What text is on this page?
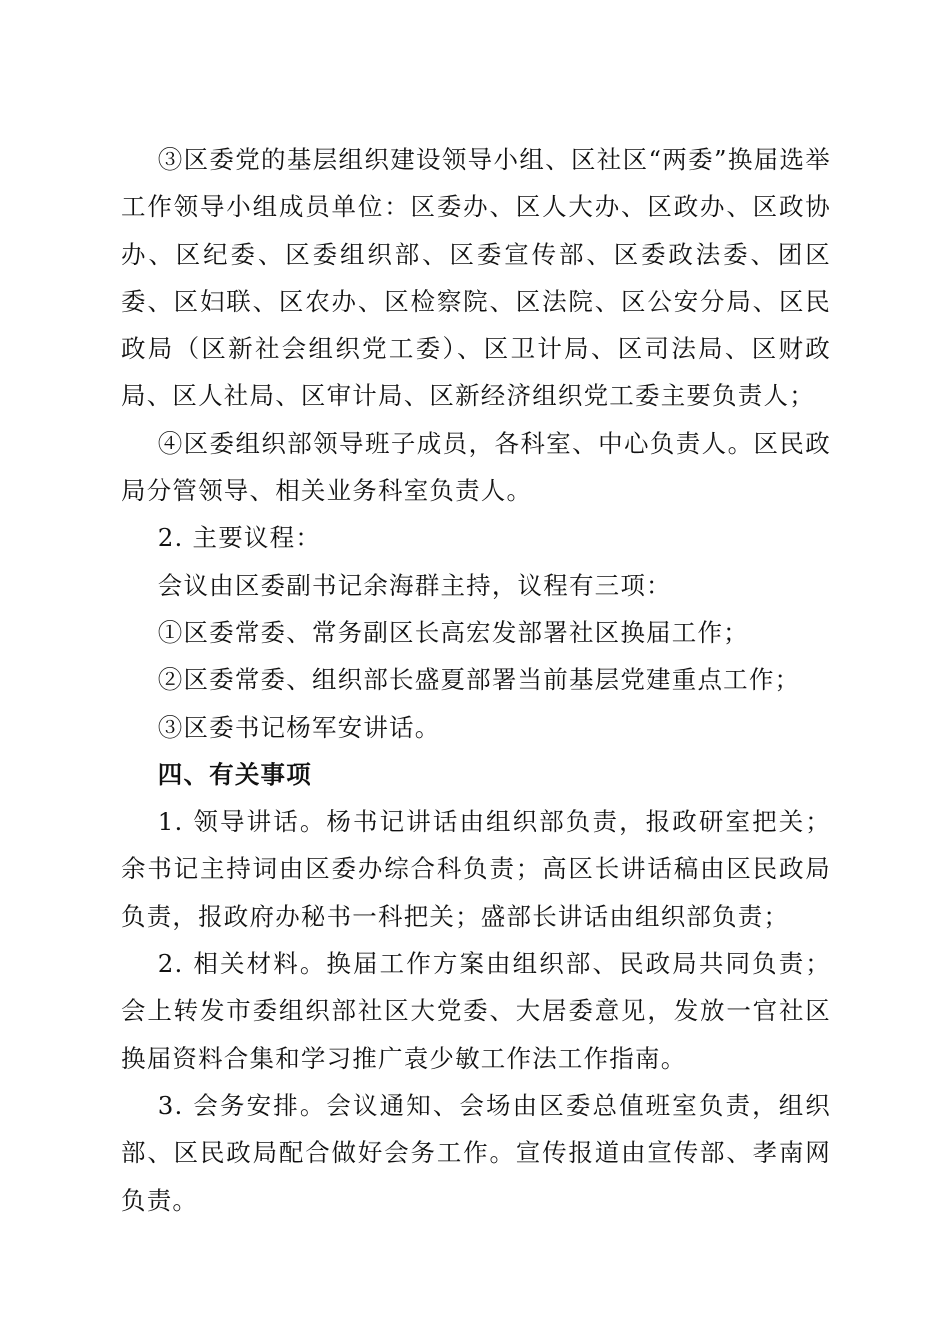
③区委党的基层组织建设领导小组、区社区“两委”换届选举工作领导小组成员单位：区委办、区人大办、区政办、区政协办、区纪委、区委组织部、区委宣传部、区委政法委、团区委、区妇联、区农办、区检察院、区法院、区公安分局、区民政局（区新社会组织党工委）、区卫计局、区司法局、区财政局、区人社局、区审计局、区新经济组织党工委主要负责人；

④区委组织部领导班子成员，各科室、中心负责人。区民政局分管领导、相关业务科室负责人。

2. 主要议程：

会议由区委副书记余海群主持，议程有三项：

①区委常委、常务副区长高宏发部署社区换届工作；

②区委常委、组织部长盛夏部署当前基层党建重点工作；

③区委书记杨军安讲话。

四、有关事项

1. 领导讲话。杨书记讲话由组织部负责，报政研室把关；余书记主持词由区委办综合科负责；高区长讲话稿由区民政局负责，报政府办秘书一科把关；盛部长讲话由组织部负责；

2. 相关材料。换届工作方案由组织部、民政局共同负责；会上转发市委组织部社区大党委、大居委意见，发放一官社区换届资料合集和学习推广袁少敏工作法工作指南。

3. 会务安排。会议通知、会场由区委总值班室负责，组织部、区民政局配合做好会务工作。宣传报道由宣传部、孝南网负责。
